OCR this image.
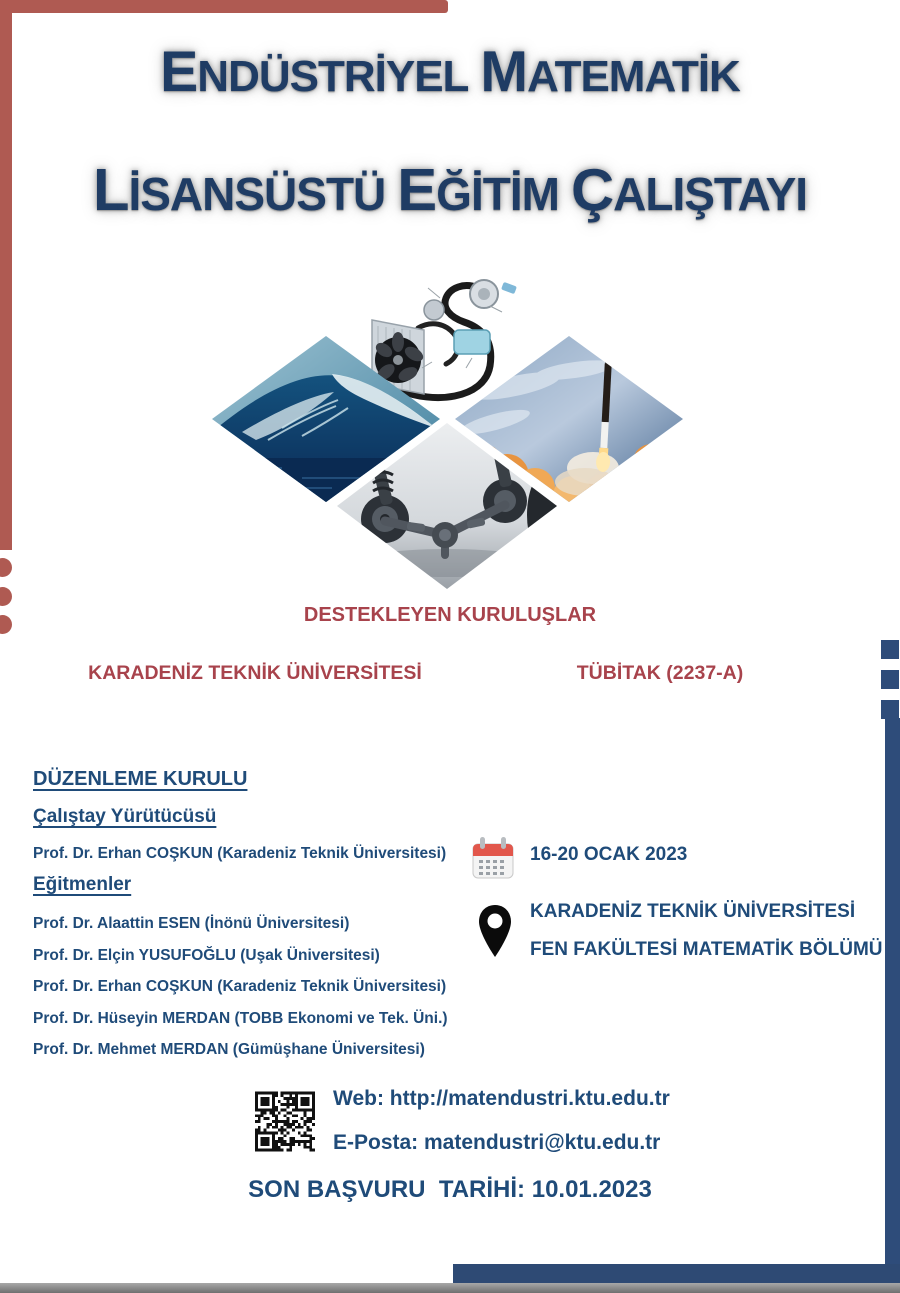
ENDÜSTRİYEL MATEMATİK
LİSANSÜSTÜ EĞİTİM ÇALIŞTAYI
DESTEKLEYEN KURULUŞLAR
KARADENİZ TEKNİK ÜNİVERSİTESİ	TÜBİTAK (2237-A)
DÜZENLEME KURULU
Çalıştay Yürütücüsü
Prof. Dr. Erhan COŞKUN (Karadeniz Teknik Üniversitesi)
Eğitmenler
Prof. Dr. Alaattin ESEN (İnönü Üniversitesi)
Prof. Dr. Elçin YUSUFOĞLU (Uşak Üniversitesi)
Prof. Dr. Erhan COŞKUN (Karadeniz Teknik Üniversitesi)
Prof. Dr. Hüseyin MERDAN (TOBB Ekonomi ve Tek. Üni.)
Prof. Dr. Mehmet MERDAN (Gümüşhane Üniversitesi)
16-20 OCAK 2023
KARADENİZ TEKNİK ÜNİVERSİTESİ
FEN FAKÜLTESİ MATEMATİK BÖLÜMÜ
Web: http://matendustri.ktu.edu.tr
E-Posta: matendustri@ktu.edu.tr
SON BAŞVURU  TARİHİ: 10.01.2023
